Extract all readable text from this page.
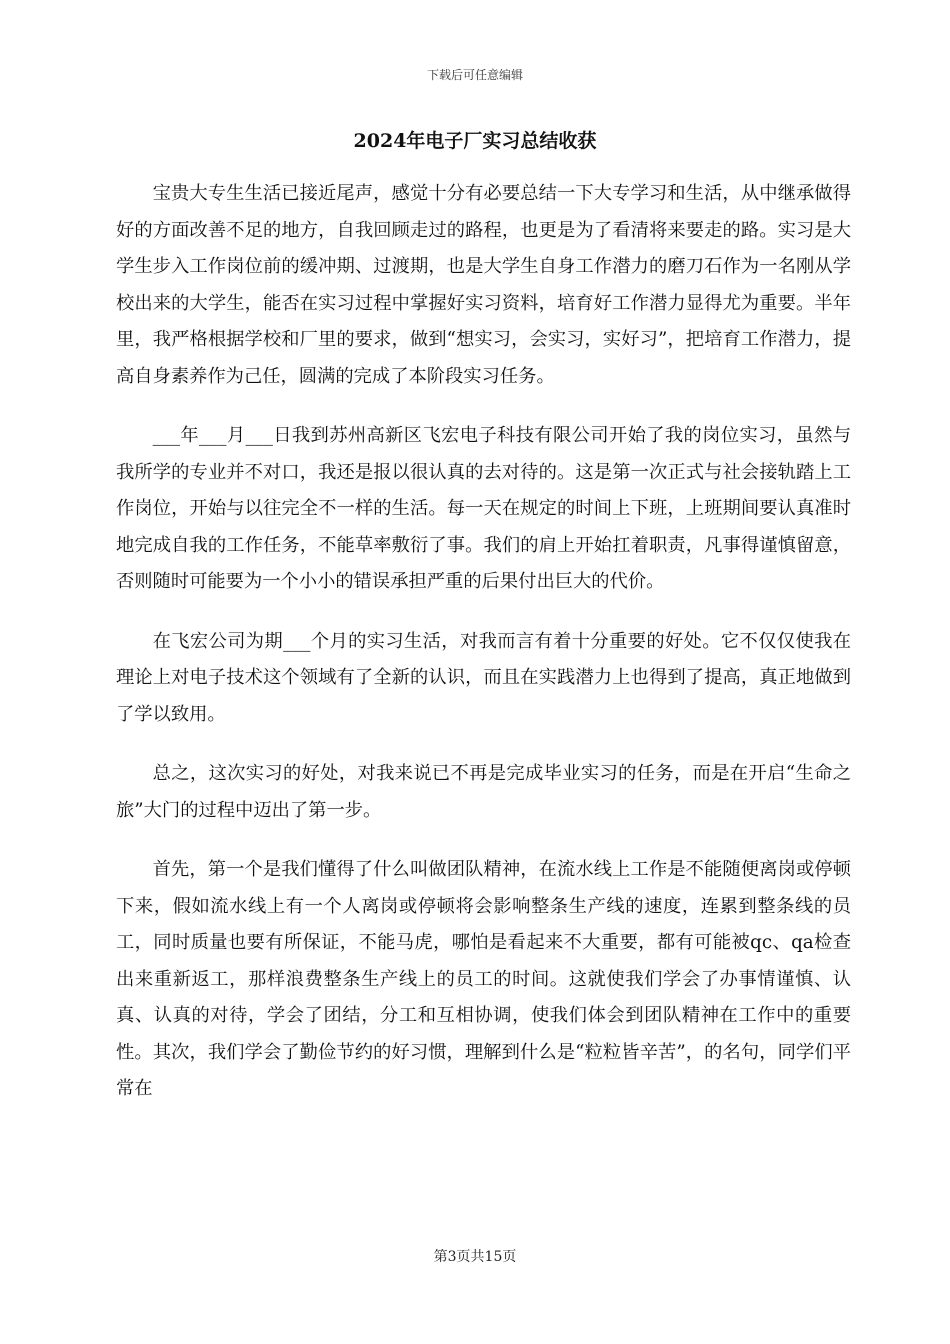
下载后可任意编辑
2024年电子厂实习总结收获

宝贵大专生生活已接近尾声，感觉十分有必要总结一下大专学习和生活，从中继承做得好的方面改善不足的地方，自我回顾走过的路程，也更是为了看清将来要走的路。实习是大学生步入工作岗位前的缓冲期、过渡期，也是大学生自身工作潜力的磨刀石作为一名刚从学校出来的大学生，能否在实习过程中掌握好实习资料，培育好工作潜力显得尤为重要。半年里，我严格根据学校和厂里的要求，做到“想实习，会实习，实好习”，把培育工作潜力，提高自身素养作为己任，圆满的完成了本阶段实习任务。

___年___月___日我到苏州高新区飞宏电子科技有限公司开始了我的岗位实习，虽然与我所学的专业并不对口，我还是报以很认真的去对待的。这是第一次正式与社会接轨踏上工作岗位，开始与以往完全不一样的生活。每一天在规定的时间上下班，上班期间要认真准时地完成自我的工作任务，不能草率敷衍了事。我们的肩上开始扛着职责，凡事得谨慎留意，否则随时可能要为一个小小的错误承担严重的后果付出巨大的代价。

在飞宏公司为期___个月的实习生活，对我而言有着十分重要的好处。它不仅仅使我在理论上对电子技术这个领域有了全新的认识，而且在实践潜力上也得到了提高，真正地做到了学以致用。

总之，这次实习的好处，对我来说已不再是完成毕业实习的任务，而是在开启“生命之旅”大门的过程中迈出了第一步。

首先，第一个是我们懂得了什么叫做团队精神，在流水线上工作是不能随便离岗或停顿下来，假如流水线上有一个人离岗或停顿将会影响整条生产线的速度，连累到整条线的员工，同时质量也要有所保证，不能马虎，哪怕是看起来不大重要，都有可能被qc、qa检查出来重新返工，那样浪费整条生产线上的员工的时间。这就使我们学会了办事情谨慎、认真、认真的对待，学会了团结，分工和互相协调，使我们体会到团队精神在工作中的重要性。其次，我们学会了勤俭节约的好习惯，理解到什么是“粒粒皆辛苦”，的名句，同学们平常在

第3页共15页
